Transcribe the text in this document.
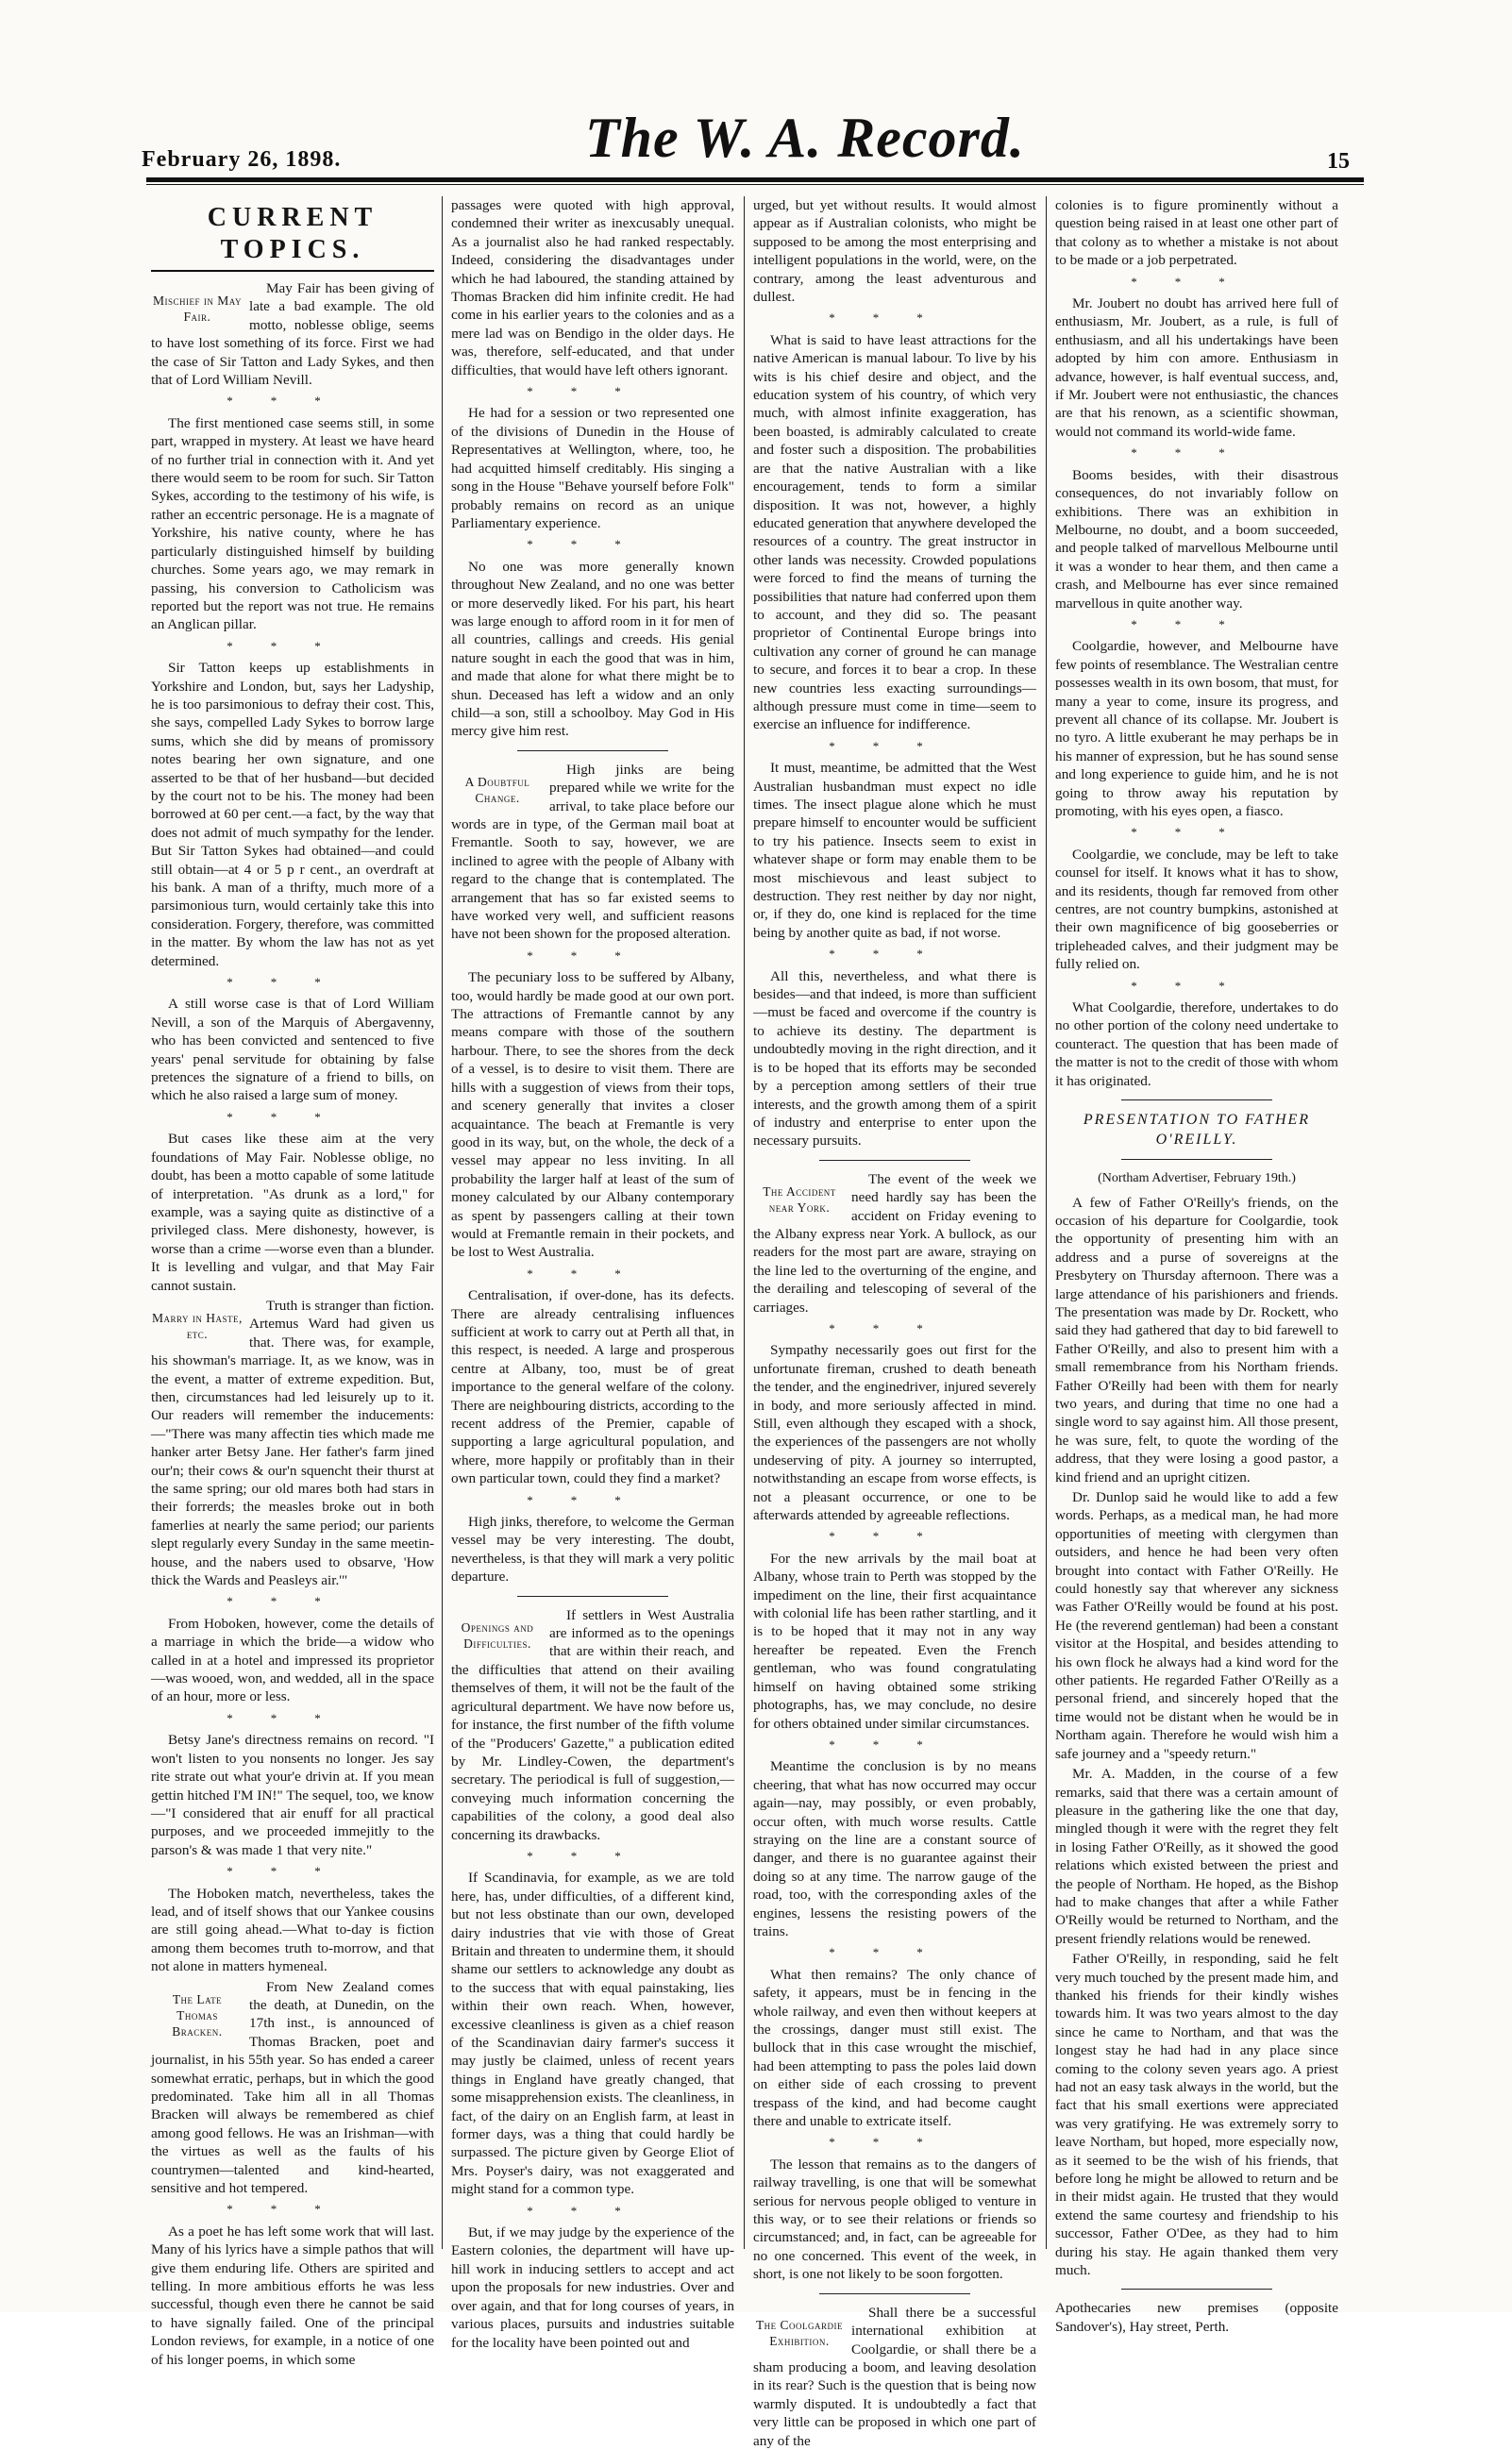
February 26, 1898.	The W. A. Record.	15
CURRENT TOPICS.
Mischief in May Fair.

May Fair has been giving of late a bad example. The old motto, noblesse oblige, seems to have lost something of its force. First we had the case of Sir Tatton and Lady Sykes, and then that of Lord William Nevill.

***

The first mentioned case seems still, in some part, wrapped in mystery. At least we have heard of no further trial in connection with it. And yet there would seem to be room for such. Sir Tatton Sykes, according to the testimony of his wife, is rather an eccentric personage. He is a magnate of Yorkshire, his native county, where he has particularly distinguished himself by building churches. Some years ago, we may remark in passing, his conversion to Catholicism was reported but the report was not true. He remains an Anglican pillar.

***

Sir Tatton keeps up establishments in Yorkshire and London, but, says her Ladyship, he is too parsimonious to defray their cost. This, she says, compelled Lady Sykes to borrow large sums, which she did by means of promissory notes bearing her own signature, and one asserted to be that of her husband—but decided by the court not to be his. The money had been borrowed at 60 per cent.—a fact, by the way that does not admit of much sympathy for the lender. But Sir Tatton Sykes had obtained—and could still obtain—at 4 or 5 p r cent., an overdraft at his bank. A man of a thrifty, much more of a parsimonious turn, would certainly take this into consideration. Forgery, therefore, was committed in the matter. By whom the law has not as yet determined.

***

A still worse case is that of Lord William Nevill, a son of the Marquis of Abergavenny, who has been convicted and sentenced to five years' penal servitude for obtaining by false pretences the signature of a friend to bills, on which he also raised a large sum of money.

***

But cases like these aim at the very foundations of May Fair. Noblesse oblige, no doubt, has been a motto capable of some latitude of interpretation. "As drunk as a lord," for example, was a saying quite as distinctive of a privileged class. Mere dishonesty, however, is worse than a crime —worse even than a blunder. It is levelling and vulgar, and that May Fair cannot sustain.

Marry in Haste, etc.

Truth is stranger than fiction. Artemus Ward had given us that. There was, for example, his showman's marriage. It, as we know, was in the event, a matter of extreme expedition. But, then, circumstances had led leisurely up to it. Our readers will remember the inducements:—"There was many affectin ties which made me hanker arter Betsy Jane. Her father's farm jined our'n; their cows & our'n squencht their thurst at the same spring; our old mares both had stars in their forrerds; the measles broke out in both famerlies at nearly the same period; our parients slept regularly every Sunday in the same meetin-house, and the nabers used to obsarve, 'How thick the Wards and Peasleys air.'"

***

From Hoboken, however, come the details of a marriage in which the bride—a widow who called in at a hotel and impressed its proprietor—was wooed, won, and wedded, all in the space of an hour, more or less.

***

Betsy Jane's directness remains on record. "I won't listen to you nonsents no longer. Jes say rite strate out what your'e drivin at. If you mean gettin hitched I'M IN!" The sequel, too, we know—"I considered that air enuff for all practical purposes, and we proceeded immejitly to the parson's & was made 1 that very nite."

***

The Hoboken match, nevertheless, takes the lead, and of itself shows that our Yankee cousins are still going ahead.—What to-day is fiction among them becomes truth to-morrow, and that not alone in matters hymeneal.

The Late Thomas Bracken.

From New Zealand comes the death, at Dunedin, on the 17th inst., is announced of Thomas Bracken, poet and journalist, in his 55th year. So has ended a career somewhat erratic, perhaps, but in which the good predominated. Take him all in all Thomas Bracken will always be remembered as chief among good fellows. He was an Irishman—with the virtues as well as the faults of his countrymen—talented and kind-hearted, sensitive and hot tempered.

***

As a poet he has left some work that will last. Many of his lyrics have a simple pathos that will give them enduring life. Others are spirited and telling. In more ambitious efforts he was less successful, though even there he cannot be said to have signally failed. One of the principal London reviews, for example, in a notice of one of his longer poems, in which some

passages were quoted with high approval, condemned their writer as inexcusably unequal. As a journalist also he had ranked respectably. Indeed, considering the disadvantages under which he had laboured, the standing attained by Thomas Bracken did him infinite credit. He had come in his earlier years to the colonies and as a mere lad was on Bendigo in the older days. He was, therefore, self-educated, and that under difficulties, that would have left others ignorant.

***

He had for a session or two represented one of the divisions of Dunedin in the House of Representatives at Wellington, where, too, he had acquitted himself creditably. His singing a song in the House "Behave yourself before Folk" probably remains on record as an unique Parliamentary experience.

***

No one was more generally known throughout New Zealand, and no one was better or more deservedly liked. For his part, his heart was large enough to afford room in it for men of all countries, callings and creeds. His genial nature sought in each the good that was in him, and made that alone for what there might be to shun. Deceased has left a widow and an only child—a son, still a schoolboy. May God in His mercy give him rest.

A Doubtful Change.

High jinks are being prepared while we write for the arrival, to take place before our words are in type, of the German mail boat at Fremantle. Sooth to say, however, we are inclined to agree with the people of Albany with regard to the change that is contemplated. The arrangement that has so far existed seems to have worked very well, and sufficient reasons have not been shown for the proposed alteration.

***

The pecuniary loss to be suffered by Albany, too, would hardly be made good at our own port. The attractions of Fremantle cannot by any means compare with those of the southern harbour. There, to see the shores from the deck of a vessel, is to desire to visit them. There are hills with a suggestion of views from their tops, and scenery generally that invites a closer acquaintance. The beach at Fremantle is very good in its way, but, on the whole, the deck of a vessel may appear no less inviting. In all probability the larger half at least of the sum of money calculated by our Albany contemporary as spent by passengers calling at their town would at Fremantle remain in their pockets, and be lost to West Australia.

***

Centralisation, if over-done, has its defects. There are already centralising influences sufficient at work to carry out at Perth all that, in this respect, is needed. A large and prosperous centre at Albany, too, must be of great importance to the general welfare of the colony. There are neighbouring districts, according to the recent address of the Premier, capable of supporting a large agricultural population, and where, more happily or profitably than in their own particular town, could they find a market?

***

High jinks, therefore, to welcome the German vessel may be very interesting. The doubt, nevertheless, is that they will mark a very politic departure.

Openings and Difficulties.

If settlers in West Australia are informed as to the openings that are within their reach, and the difficulties that attend on their availing themselves of them, it will not be the fault of the agricultural department. We have now before us, for instance, the first number of the fifth volume of the "Producers' Gazette," a publication edited by Mr. Lindley-Cowen, the department's secretary. The periodical is full of suggestion,—conveying much information concerning the capabilities of the colony, a good deal also concerning its drawbacks.

***

If Scandinavia, for example, as we are told here, has, under difficulties, of a different kind, but not less obstinate than our own, developed dairy industries that vie with those of Great Britain and threaten to undermine them, it should shame our settlers to acknowledge any doubt as to the success that with equal painstaking, lies within their own reach. When, however, excessive cleanliness is given as a chief reason of the Scandinavian dairy farmer's success it may justly be claimed, unless of recent years things in England have greatly changed, that some misapprehension exists. The cleanliness, in fact, of the dairy on an English farm, at least in former days, was a thing that could hardly be surpassed. The picture given by George Eliot of Mrs. Poyser's dairy, was not exaggerated and might stand for a common type.

***

But, if we may judge by the experience of the Eastern colonies, the department will have up-hill work in inducing settlers to accept and act upon the proposals for new industries. Over and over again, and that for long courses of years, in various places, pursuits and industries suitable for the locality have been pointed out and

urged, but yet without results. It would almost appear as if Australian colonists, who might be supposed to be among the most enterprising and intelligent populations in the world, were, on the contrary, among the least adventurous and dullest.

***

What is said to have least attractions for the native American is manual labour. To live by his wits is his chief desire and object, and the education system of his country, of which very much, with almost infinite exaggeration, has been boasted, is admirably calculated to create and foster such a disposition. The probabilities are that the native Australian with a like encouragement, tends to form a similar disposition. It was not, however, a highly educated generation that anywhere developed the resources of a country. The great instructor in other lands was necessity. Crowded populations were forced to find the means of turning the possibilities that nature had conferred upon them to account, and they did so. The peasant proprietor of Continental Europe brings into cultivation any corner of ground he can manage to secure, and forces it to bear a crop. In these new countries less exacting surroundings—although pressure must come in time—seem to exercise an influence for indifference.

***

It must, meantime, be admitted that the West Australian husbandman must expect no idle times. The insect plague alone which he must prepare himself to encounter would be sufficient to try his patience. Insects seem to exist in whatever shape or form may enable them to be most mischievous and least subject to destruction. They rest neither by day nor night, or, if they do, one kind is replaced for the time being by another quite as bad, if not worse.

***

All this, nevertheless, and what there is besides—and that indeed, is more than sufficient—must be faced and overcome if the country is to achieve its destiny. The department is undoubtedly moving in the right direction, and it is to be hoped that its efforts may be seconded by a perception among settlers of their true interests, and the growth among them of a spirit of industry and enterprise to enter upon the necessary pursuits.

The Accident near York.

The event of the week we need hardly say has been the accident on Friday evening to the Albany express near York. A bullock, as our readers for the most part are aware, straying on the line led to the overturning of the engine, and the derailing and telescoping of several of the carriages.

***

Sympathy necessarily goes out first for the unfortunate fireman, crushed to death beneath the tender, and the enginedriver, injured severely in body, and more seriously affected in mind. Still, even although they escaped with a shock, the experiences of the passengers are not wholly undeserving of pity. A journey so interrupted, notwithstanding an escape from worse effects, is not a pleasant occurrence, or one to be afterwards attended by agreeable reflections.

***

For the new arrivals by the mail boat at Albany, whose train to Perth was stopped by the impediment on the line, their first acquaintance with colonial life has been rather startling, and it is to be hoped that it may not in any way hereafter be repeated. Even the French gentleman, who was found congratulating himself on having obtained some striking photographs, has, we may conclude, no desire for others obtained under similar circumstances.

***

Meantime the conclusion is by no means cheering, that what has now occurred may occur again—nay, may possibly, or even probably, occur often, with much worse results. Cattle straying on the line are a constant source of danger, and there is no guarantee against their doing so at any time. The narrow gauge of the road, too, with the corresponding axles of the engines, lessens the resisting powers of the trains.

***

What then remains? The only chance of safety, it appears, must be in fencing in the whole railway, and even then without keepers at the crossings, danger must still exist. The bullock that in this case wrought the mischief, had been attempting to pass the poles laid down on either side of each crossing to prevent trespass of the kind, and had become caught there and unable to extricate itself.

***

The lesson that remains as to the dangers of railway travelling, is one that will be somewhat serious for nervous people obliged to venture in this way, or to see their relations or friends so circumstanced; and, in fact, can be agreeable for no one concerned. This event of the week, in short, is one not likely to be soon forgotten.

The Coolgardie Exhibition.

Shall there be a successful international exhibition at Coolgardie, or shall there be a sham producing a boom, and leaving desolation in its rear? Such is the question that is being now warmly disputed. It is undoubtedly a fact that very little can be proposed in which one part of any of the

colonies is to figure prominently without a question being raised in at least one other part of that colony as to whether a mistake is not about to be made or a job perpetrated.

***

Mr. Joubert no doubt has arrived here full of enthusiasm, Mr. Joubert, as a rule, is full of enthusiasm, and all his undertakings have been adopted by him con amore. Enthusiasm in advance, however, is half eventual success, and, if Mr. Joubert were not enthusiastic, the chances are that his renown, as a scientific showman, would not command its world-wide fame.

***

Booms besides, with their disastrous consequences, do not invariably follow on exhibitions. There was an exhibition in Melbourne, no doubt, and a boom succeeded, and people talked of marvellous Melbourne until it was a wonder to hear them, and then came a crash, and Melbourne has ever since remained marvellous in quite another way.

***

Coolgardie, however, and Melbourne have few points of resemblance. The Westralian centre possesses wealth in its own bosom, that must, for many a year to come, insure its progress, and prevent all chance of its collapse. Mr. Joubert is no tyro. A little exuberant he may perhaps be in his manner of expression, but he has sound sense and long experience to guide him, and he is not going to throw away his reputation by promoting, with his eyes open, a fiasco.

***

Coolgardie, we conclude, may be left to take counsel for itself. It knows what it has to show, and its residents, though far removed from other centres, are not country bumpkins, astonished at their own magnificence of big gooseberries or tripleheaded calves, and their judgment may be fully relied on.

***

What Coolgardie, therefore, undertakes to do no other portion of the colony need undertake to counteract. The question that has been made of the matter is not to the credit of those with whom it has originated.

PRESENTATION TO FATHER O'REILLY.
(Northam Advertiser, February 19th.)

A few of Father O'Reilly's friends, on the occasion of his departure for Coolgardie, took the opportunity of presenting him with an address and a purse of sovereigns at the Presbytery on Thursday afternoon. There was a large attendance of his parishioners and friends. The presentation was made by Dr. Rockett, who said they had gathered that day to bid farewell to Father O'Reilly, and also to present him with a small remembrance from his Northam friends. Father O'Reilly had been with them for nearly two years, and during that time no one had a single word to say against him. All those present, he was sure, felt, to quote the wording of the address, that they were losing a good pastor, a kind friend and an upright citizen.

Dr. Dunlop said he would like to add a few words. Perhaps, as a medical man, he had more opportunities of meeting with clergymen than outsiders, and hence he had been very often brought into contact with Father O'Reilly. He could honestly say that wherever any sickness was Father O'Reilly would be found at his post. He (the reverend gentleman) had been a constant visitor at the Hospital, and besides attending to his own flock he always had a kind word for the other patients. He regarded Father O'Reilly as a personal friend, and sincerely hoped that the time would not be distant when he would be in Northam again. Therefore he would wish him a safe journey and a "speedy return."

Mr. A. Madden, in the course of a few remarks, said that there was a certain amount of pleasure in the gathering like the one that day, mingled though it were with the regret they felt in losing Father O'Reilly, as it showed the good relations which existed between the priest and the people of Northam. He hoped, as the Bishop had to make changes that after a while Father O'Reilly would be returned to Northam, and the present friendly relations would be renewed.

Father O'Reilly, in responding, said he felt very much touched by the present made him, and thanked his friends for their kindly wishes towards him. It was two years almost to the day since he came to Northam, and that was the longest stay he had had in any place since coming to the colony seven years ago. A priest had not an easy task always in the world, but the fact that his small exertions were appreciated was very gratifying. He was extremely sorry to leave Northam, but hoped, more especially now, as it seemed to be the wish of his friends, that before long he might be allowed to return and be in their midst again. He trusted that they would extend the same courtesy and friendship to his successor, Father O'Dee, as they had to him during his stay. He again thanked them very much.

Apothecaries new premises (opposite Sandover's), Hay street, Perth.
